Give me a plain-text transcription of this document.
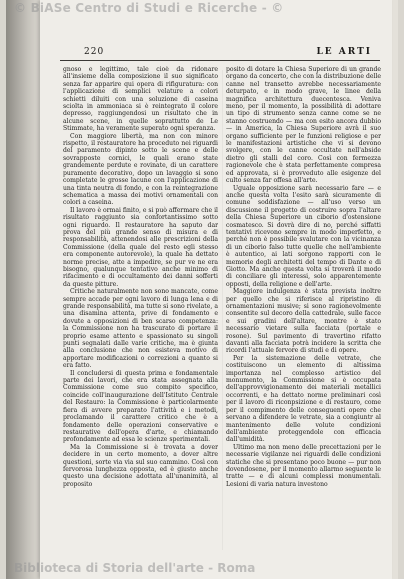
© BiASe Centro di Studi e Ricerche - ©
220	LE ARTI

gnoso e legittimo, tale cioè da ridonare all'insieme della composizione il suo significato senza far apparire qui opera di rifiguratura: con l'applicazione di semplici velature a colori schietti diluiti con una soluzione di caseina sciolta in ammoniaca si è reintegrato il colore depresso, raggiungendosi un risultato che in alcune scene, in quelle soprattutto de Le Stimmate, ha veramente superato ogni speranza.

Con maggiore libertà, ma non con minore rispetto, il restauratore ha proceduto nei riguardi del paramento dipinto sotto le scene e delle sovrapposte cornici, le quali erano state grandemente perdute e rovinate, di un carattere puramente decorativo, dopo un lavaggio si sono completate le grosse lacune con l'applicazione di una tinta neutra di fondo, e con la reintegrazione schematica a massa dei motivi ornamentali con colori a caseina.

Il lavoro è ormai finito, e si può affermare che il risultato raggiunto sia confortantissimo sotto ogni riguardo. Il restauratore ha saputo dar prova del più grande senso di misura e di responsabilità, attenendosi alle prescrizioni della Commissione (della quale del resto egli stesso era componente autorevole), la quale ha dettato norme precise, atte a impedire, se pur ve ne era bisogno, qualunque tentativo anche minimo di rifacimento e di occultamento dei danni sofferti da queste pitture.

Critiche naturalmente non sono mancate, come sempre accade per ogni lavoro di lunga lena e di grande responsabilità, ma tutte si sono rivelate, a una disamina attenta, prive di fondamento e dovute a opposizioni di ben scarso competenza: la Commissione non ha trascurato di portare il proprio esame attento e spassionato su singoli punti segnalati dalle varie critiche, ma è giunta alla conclusione che non esisteva motivo di apportare modificazioni o correzioni a quanto si era fatto.

Il concludersi di questa prima e fondamentale parte dei lavori, che era stata assegnata alla Commissione come suo compito specifico, coincide coll'inaugurazione dell'Istituto Centrale del Restauro: la Commissione è particolarmente fiera di avvere preparato l'attività e i metodi, proclamando il carattere critico che è a fondamento delle operazioni conservative e restaurative dell'opera d'arte, e chiamando profondamente ad essa le scienze sperimentali.

Ma la Commissione si è trovata a dover decidere in un certo momento, a dover altre questioni, sorte via via sul suo cammino. Così con fervorosa lunghezza opposta, ed è giusto anche questo una decisione adottata all'unanimità, al proposito

posito di dotare la Chiesa Superiore di un grande organo da concerto, che con la distribuzione delle canne nel transetto avrebbe necessariamente deturpato, e in modo grave, le linee della magnifica architettura duecentesca. Veniva meno, per il momento, la possibilità di adottare un tipo di strumento senza canne come se ne stanno costruendo — ma con esito ancora dubbio — in America, la Chiesa Superiore avrà il suo organo sufficiente per le funzioni religiose e per le manifestazioni artistiche che vi si devono svolgere, con le canne occultate nell'abside dietro gli stalli del coro. Così con fermezza ragionevole che è stata perfettamente compresa ed approvata, si è provveduto alle esigenze del culto senza far offesa all'arte.

Uguale opposizione sarà necessario fare — e anche questa volta l'esito sarà sicuramente di comune soddisfazione — all'uso verso un discussione il progetto di costruire sopra l'altare della Chiesa Superiore un ciborio d'ostensione cosmatesco. Si dovrà dire di no, perché siffatti tentativi ricevono sempre in modo imperfetto, e perché non è possibile svalutare con la vicinanza di un ciborio falso tutte quelle che nell'ambiente è autentico, ai lati sorgono rapporti con le memorie degli architetti del tempo di Dante e di Giotto. Ma anche questa volta si troverà il modo di conciliare gli interessi, solo apparentemente opposti, della religione e dell'arte.

Maggiore indulgenza è stata prevista inoltre per quello che si riferisce al ripristino di ornamentazioni musive; si sono ragionevolmente consentite sul decoro della cattedrale, sulle facce e sui gradini dell'altare, montre è stato necessario vietare sulla facciata (portale e rosone). Sul pavimento di travertino rifatto davanti alla facciata potrà incidere la scritta che ricordi l'attuale fervore di studi e di opere.

Per la sistemazione delle vetrate, che costituiscono un elemento di altissima importanza nel complesso artistico del monumento, la Commissione si è occupata dell'approvvigionamento dei materiali metallici occorrenti, e ha dettato norme preliminari così per il lavoro di riconpsizione e di restauro, come per il compimento delle conseguenti opere che servano a difendere le vetrate, sia a congiuntr al mantenimento delle volute condizioni dell'ambiente proteggendole con efficacia dall'umidità.

Ultimo ma non meno delle precettazioni per le necessarie vigilanze nei riguardi delle condizioni statiche che si presentano poco buone — pur non dovendosene, per il momento allarmo seguente le tratte — e di alcuni complessi monumentali. Lesioni di varia natura investono

Biblioteca di Storia dell'arte - Roma
